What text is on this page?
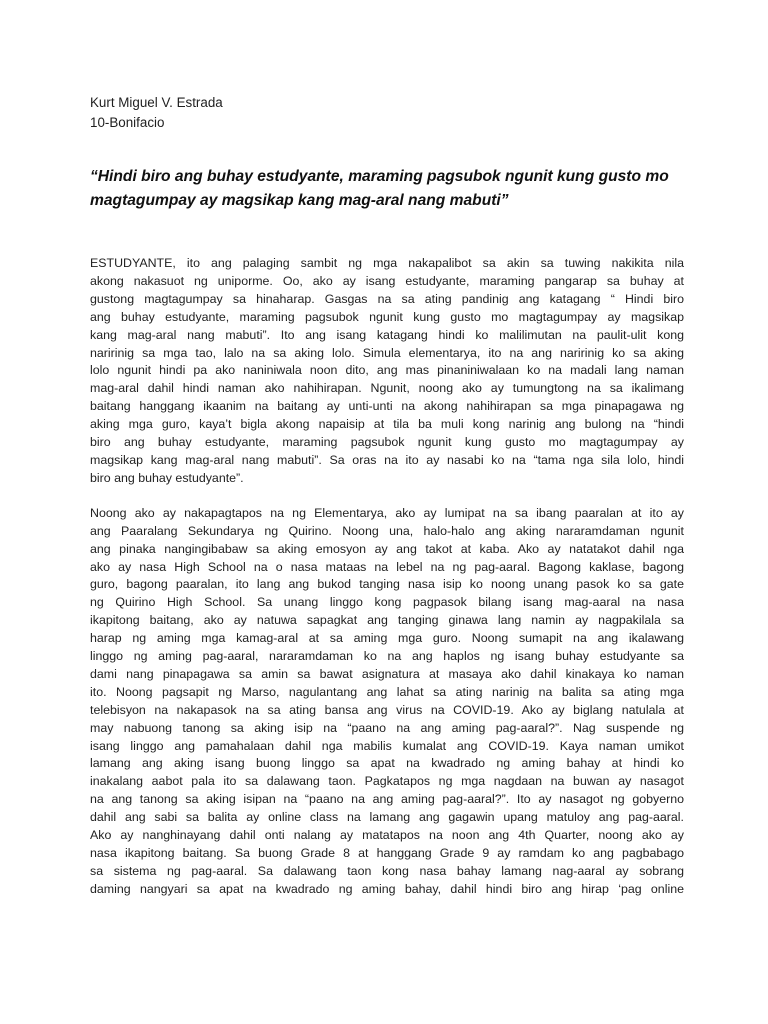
Kurt Miguel V. Estrada
10-Bonifacio

“Hindi biro ang buhay estudyante, maraming pagsubok ngunit kung gusto mo magtagumpay ay magsikap kang mag-aral nang mabuti”

ESTUDYANTE, ito ang palaging sambit ng mga nakapalibot sa akin sa tuwing nakikita nila
akong nakasuot ng uniporme. Oo, ako ay isang estudyante, maraming pangarap sa buhay at
gustong magtagumpay sa hinaharap. Gasgas na sa ating pandinig ang katagang “ Hindi biro
ang buhay estudyante, maraming pagsubok ngunit kung gusto mo magtagumpay ay magsikap
kang mag-aral nang mabuti”. Ito ang isang katagang hindi ko malilimutan na paulit-ulit kong
naririnig sa mga tao, lalo na sa aking lolo. Simula elementarya, ito na ang naririnig ko sa aking
lolo ngunit hindi pa ako naniniwala noon dito, ang mas pinaniniwalaan ko na madali lang naman
mag-aral dahil hindi naman ako nahihirapan. Ngunit, noong ako ay tumungtong na sa ikalimang
baitang hanggang ikaanim na baitang ay unti-unti na akong nahihirapan sa mga pinapagawa ng
aking mga guro, kaya’t bigla akong napaisip at tila ba muli kong narinig ang bulong na “hindi
biro ang buhay estudyante, maraming pagsubok ngunit kung gusto mo magtagumpay ay
magsikap kang mag-aral nang mabuti”. Sa oras na ito ay nasabi ko na “tama nga sila lolo, hindi
biro ang buhay estudyante”.
Noong ako ay nakapagtapos na ng Elementarya, ako ay lumipat na sa ibang paaralan at ito ay
ang Paaralang Sekundarya ng Quirino. Noong una, halo-halo ang aking nararamdaman ngunit
ang pinaka nangingibabaw sa aking emosyon ay ang takot at kaba. Ako ay natatakot dahil nga
ako ay nasa High School na o nasa mataas na lebel na ng pag-aaral. Bagong kaklase, bagong
guro, bagong paaralan, ito lang ang bukod tanging nasa isip ko noong unang pasok ko sa gate
ng Quirino High School. Sa unang linggo kong pagpasok bilang isang mag-aaral na nasa
ikapitong baitang, ako ay natuwa sapagkat ang tanging ginawa lang namin ay nagpakilala sa
harap ng aming mga kamag-aral at sa aming mga guro. Noong sumapit na ang ikalawang
linggo ng aming pag-aaral, nararamdaman ko na ang haplos ng isang buhay estudyante sa
dami nang pinapagawa sa amin sa bawat asignatura at masaya ako dahil kinakaya ko naman
ito. Noong pagsapit ng Marso, nagulantang ang lahat sa ating narinig na balita sa ating mga
telebisyon na nakapasok na sa ating bansa ang virus na COVID-19. Ako ay biglang natulala at
may nabuong tanong sa aking isip na “paano na ang aming pag-aaral?”. Nag suspende ng
isang linggo ang pamahalaan dahil nga mabilis kumalat ang COVID-19. Kaya naman umikot
lamang ang aking isang buong linggo sa apat na kwadrado ng aming bahay at hindi ko
inakalang aabot pala ito sa dalawang taon. Pagkatapos ng mga nagdaan na buwan ay nasagot
na ang tanong sa aking isipan na “paano na ang aming pag-aaral?”. Ito ay nasagot ng gobyerno
dahil ang sabi sa balita ay online class na lamang ang gagawin upang matuloy ang pag-aaral.
Ako ay nanghinayang dahil onti nalang ay matatapos na noon ang 4th Quarter, noong ako ay
nasa ikapitong baitang. Sa buong Grade 8 at hanggang Grade 9 ay ramdam ko ang pagbabago
sa sistema ng pag-aaral. Sa dalawang taon kong nasa bahay lamang nag-aaral ay sobrang
daming nangyari sa apat na kwadrado ng aming bahay, dahil hindi biro ang hirap ‘pag online
